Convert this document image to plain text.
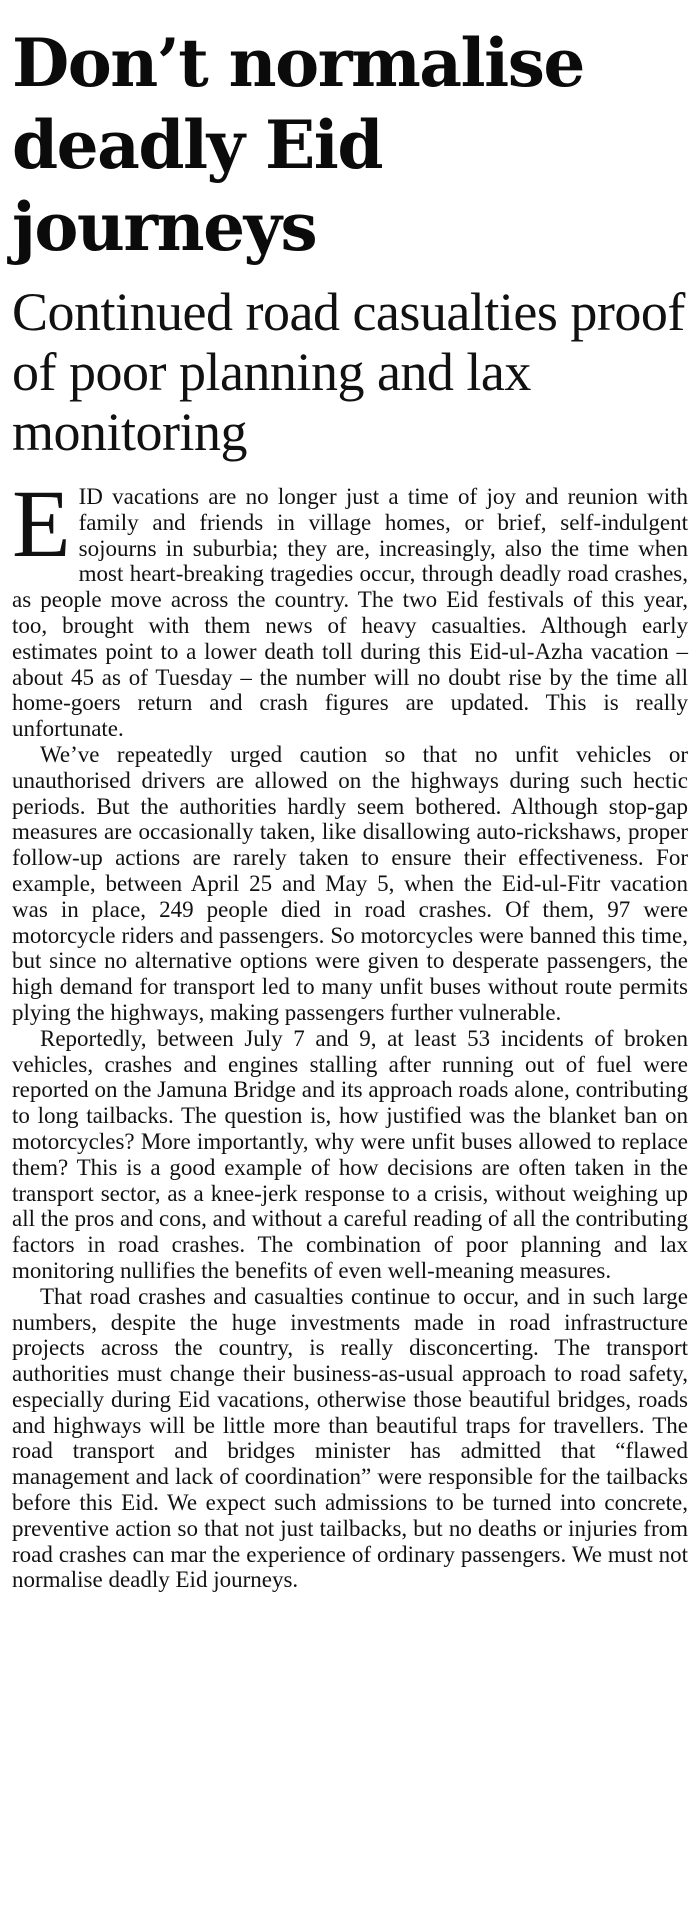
Don’t normalise deadly Eid journeys
Continued road casualties proof of poor planning and lax monitoring

EID vacations are no longer just a time of joy and reunion with family and friends in village homes, or brief, self-indulgent sojourns in suburbia; they are, increasingly, also the time when most heart-breaking tragedies occur, through deadly road crashes, as people move across the country. The two Eid festivals of this year, too, brought with them news of heavy casualties. Although early estimates point to a lower death toll during this Eid-ul-Azha vacation – about 45 as of Tuesday – the number will no doubt rise by the time all home-goers return and crash figures are updated. This is really unfortunate.

We’ve repeatedly urged caution so that no unfit vehicles or unauthorised drivers are allowed on the highways during such hectic periods. But the authorities hardly seem bothered. Although stop-gap measures are occasionally taken, like disallowing auto-rickshaws, proper follow-up actions are rarely taken to ensure their effectiveness. For example, between April 25 and May 5, when the Eid-ul-Fitr vacation was in place, 249 people died in road crashes. Of them, 97 were motorcycle riders and passengers. So motorcycles were banned this time, but since no alternative options were given to desperate passengers, the high demand for transport led to many unfit buses without route permits plying the highways, making passengers further vulnerable.

Reportedly, between July 7 and 9, at least 53 incidents of broken vehicles, crashes and engines stalling after running out of fuel were reported on the Jamuna Bridge and its approach roads alone, contributing to long tailbacks. The question is, how justified was the blanket ban on motorcycles? More importantly, why were unfit buses allowed to replace them? This is a good example of how decisions are often taken in the transport sector, as a knee-jerk response to a crisis, without weighing up all the pros and cons, and without a careful reading of all the contributing factors in road crashes. The combination of poor planning and lax monitoring nullifies the benefits of even well-meaning measures.

That road crashes and casualties continue to occur, and in such large numbers, despite the huge investments made in road infrastructure projects across the country, is really disconcerting. The transport authorities must change their business-as-usual approach to road safety, especially during Eid vacations, otherwise those beautiful bridges, roads and highways will be little more than beautiful traps for travellers. The road transport and bridges minister has admitted that “flawed management and lack of coordination” were responsible for the tailbacks before this Eid. We expect such admissions to be turned into concrete, preventive action so that not just tailbacks, but no deaths or injuries from road crashes can mar the experience of ordinary passengers. We must not normalise deadly Eid journeys.
